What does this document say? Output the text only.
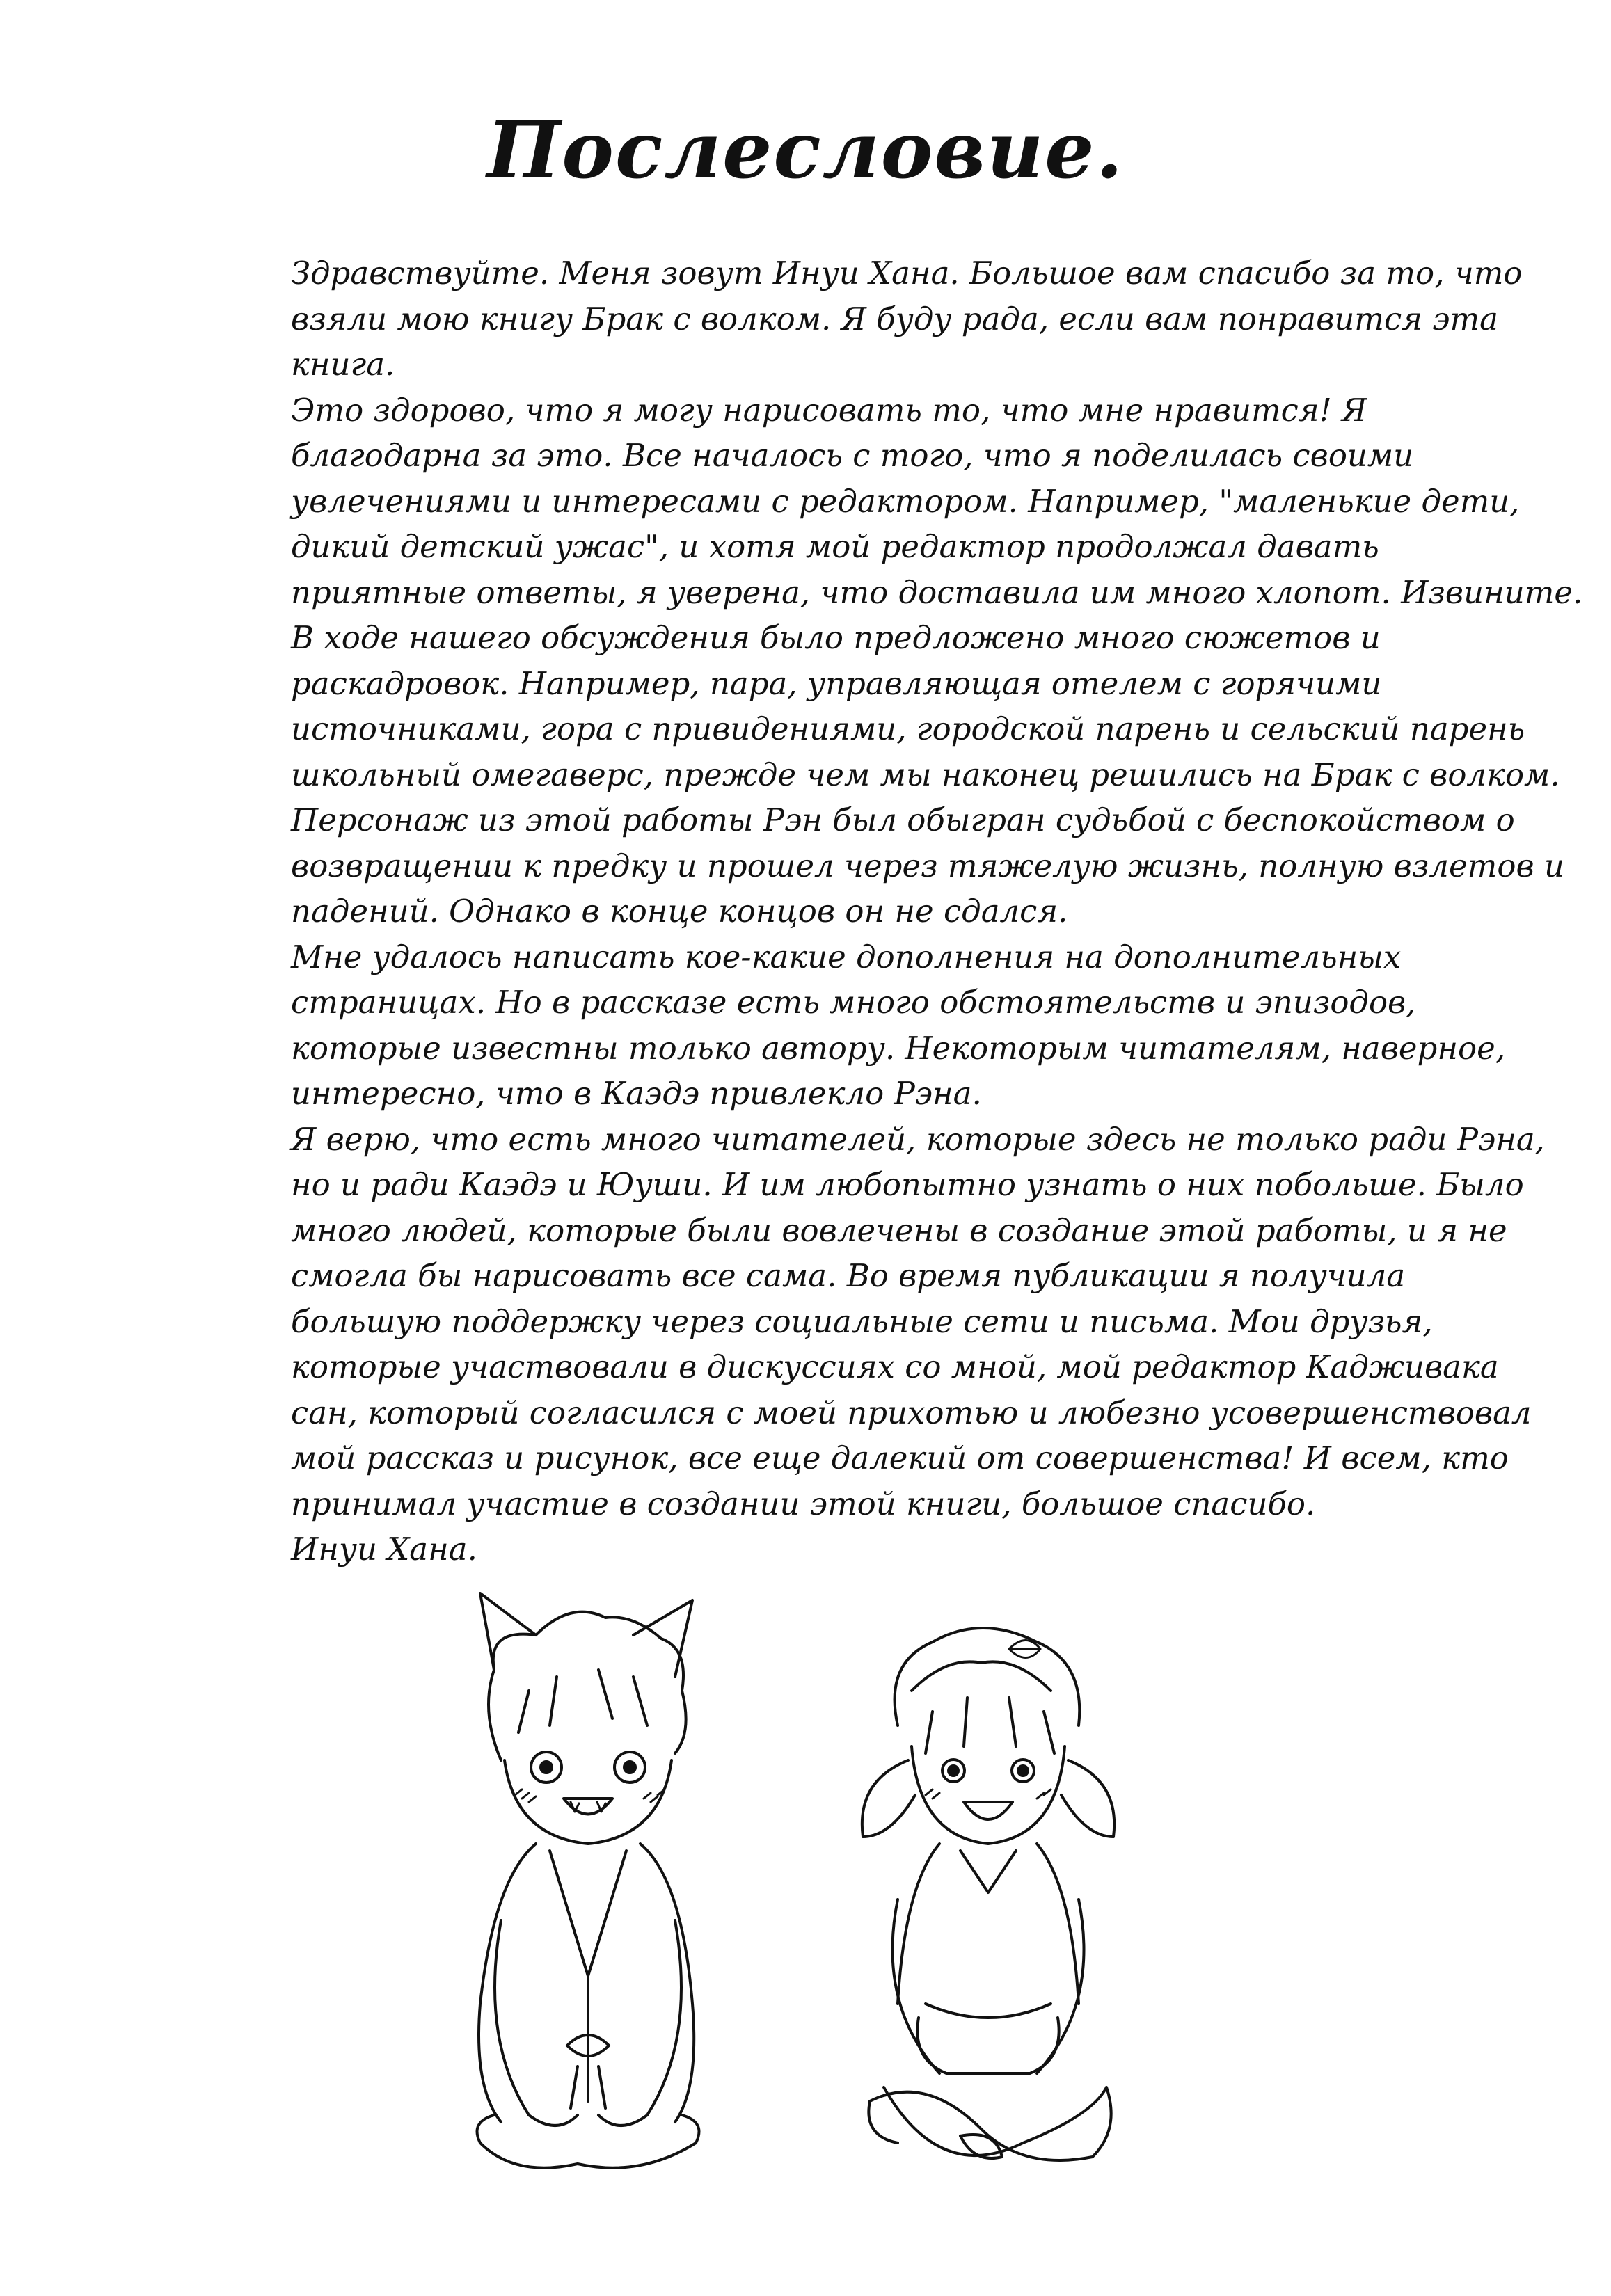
Послесловие.
Здравствуйте. Меня зовут Инуи Хана. Большое вам спасибо за то, что
взяли мою книгу Брак с волком. Я буду рада, если вам понравится эта
книга.
Это здорово, что я могу нарисовать то, что мне нравится! Я
благодарна за это. Все началось с того, что я поделилась своими
увлечениями и интересами с редактором. Например, "маленькие дети,
дикий детский ужас", и хотя мой редактор продолжал давать
приятные ответы, я уверена, что доставила им много хлопот. Извините.
В ходе нашего обсуждения было предложено много сюжетов и
раскадровок. Например, пара, управляющая отелем с горячими
источниками, гора с привидениями, городской парень и сельский парень
школьный омегаверс, прежде чем мы наконец решились на Брак с волком.
Персонаж из этой работы Рэн был обыгран судьбой с беспокойством о
возвращении к предку и прошел через тяжелую жизнь, полную взлетов и
падений. Однако в конце концов он не сдался.
Мне удалось написать кое-какие дополнения на дополнительных
страницах. Но в рассказе есть много обстоятельств и эпизодов,
которые известны только автору. Некоторым читателям, наверное,
интересно, что в Каэдэ привлекло Рэна.
Я верю, что есть много читателей, которые здесь не только ради Рэна,
но и ради Каэдэ и Юуши. И им любопытно узнать о них побольше. Было
много людей, которые были вовлечены в создание этой работы, и я не
смогла бы нарисовать все сама. Во время публикации я получила
большую поддержку через социальные сети и письма. Мои друзья,
которые участвовали в дискуссиях со мной, мой редактор Кадживака
сан, который согласился с моей прихотью и любезно усовершенствовал
мой рассказ и рисунок, все еще далекий от совершенства! И всем, кто
принимал участие в создании этой книги, большое спасибо.
Инуи Хана.
